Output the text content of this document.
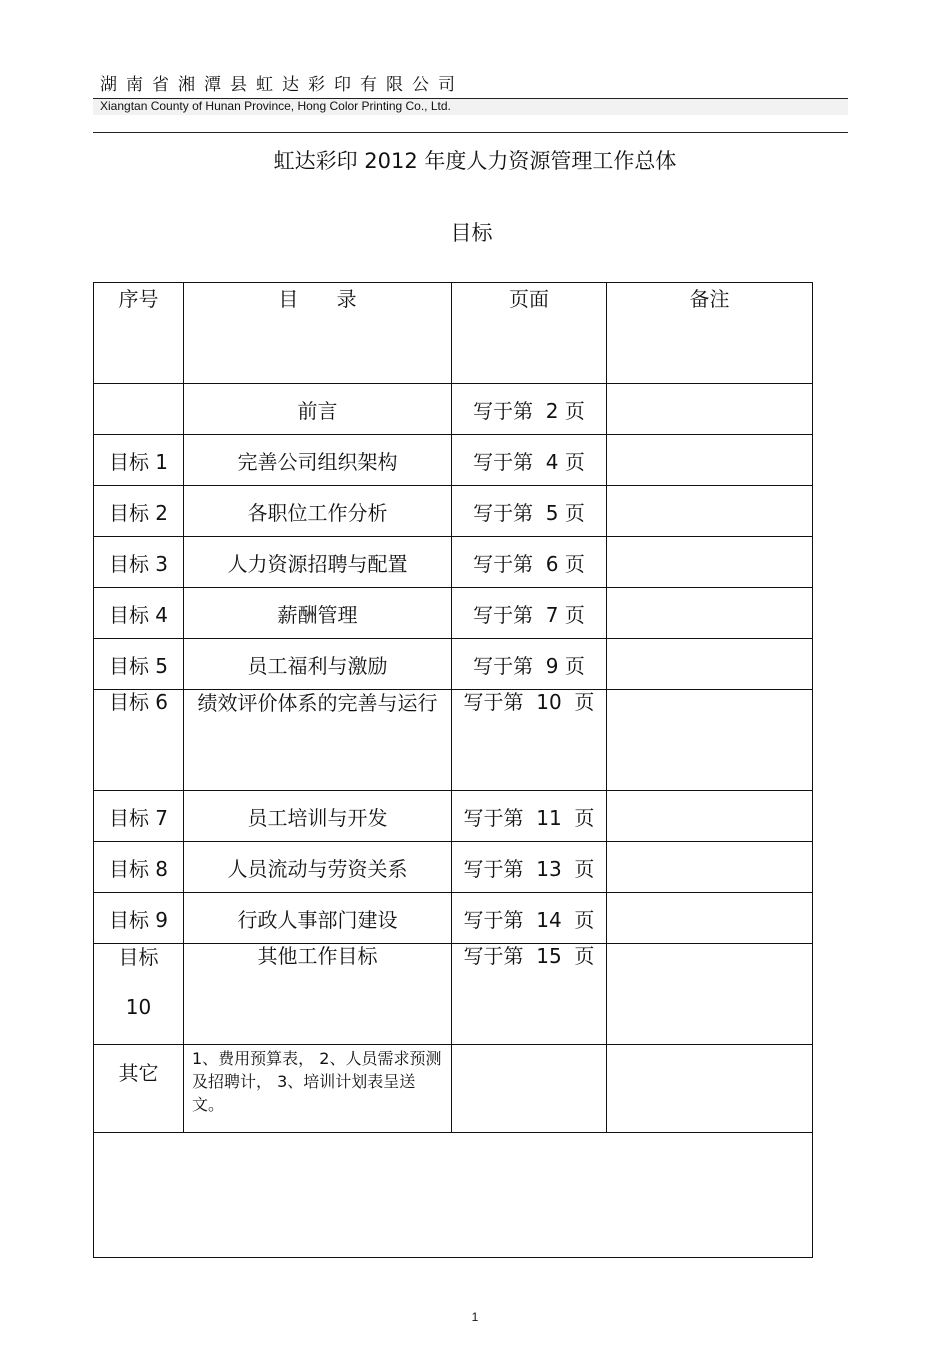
湖南省湘潭县虹达彩印有限公司
Xiangtan County of Hunan Province, Hong Color Printing Co., Ltd.
虹达彩印 2012 年度人力资源管理工作总体
目标
序号	目      录	页面	备注
	前言	写于第  2 页	
目标 1	完善公司组织架构	写于第  4 页	
目标 2	各职位工作分析	写于第  5 页	
目标 3	人力资源招聘与配置	写于第  6 页	
目标 4	薪酬管理	写于第  7 页	
目标 5	员工福利与激励	写于第  9 页	
目标 6	绩效评价体系的完善与运行	写于第  10  页	
目标 7	员工培训与开发	写于第  11  页	
目标 8	人员流动与劳资关系	写于第  13  页	
目标 9	行政人事部门建设	写于第  14  页	

目标10	其他工作目标	写于第  15  页	
其它	1、费用预算表， 2、人员需求预测及招聘计， 3、培训计划表呈送文。		

1
